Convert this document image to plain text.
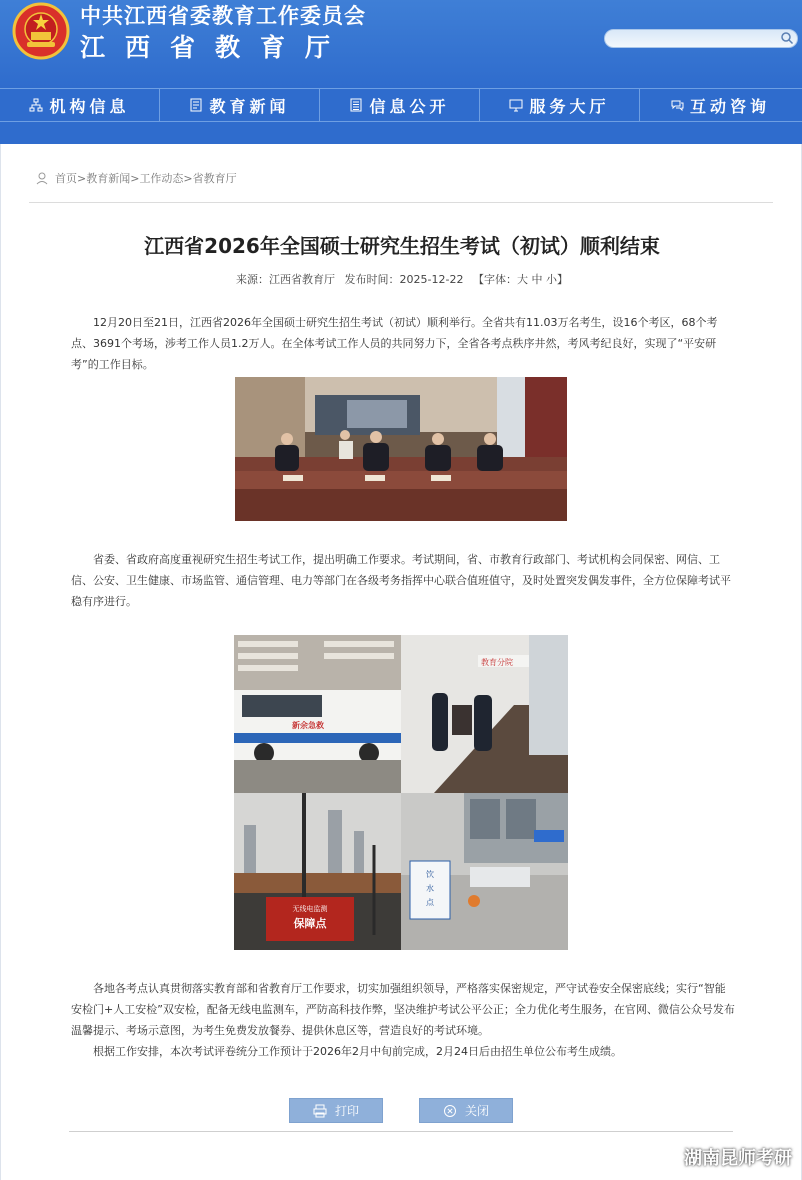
中共江西省委教育工作委员会
江西省教育厅
机构信息	教育新闻	信息公开	服务大厅	互动咨询
首页> 教育新闻> 工作动态> 省教育厅
江西省2026年全国硕士研究生招生考试（初试）顺利结束
来源：江西省教育厅 发布时间：2025-12-22 【字体：大 中 小】
12月20日至21日，江西省2026年全国硕士研究生招生考试（初试）顺利举行。全省共有11.03万名考生，设16个考区，68个考点、3691个考场，涉考工作人员1.2万人。在全体考试工作人员的共同努力下，全省各考点秩序井然，考风考纪良好，实现了“平安研考”的工作目标。
省委、省政府高度重视研究生招生考试工作，提出明确工作要求。考试期间，省、市教育行政部门、考试机构会同保密、网信、工信、公安、卫生健康、市场监管、通信管理、电力等部门在各级考务指挥中心联合值班值守，及时处置突发偶发事件，全方位保障考试平稳有序进行。
新余急救
教育分院
无线电监测
保障点
饮
水
点
各地各考点认真贯彻落实教育部和省教育厅工作要求，切实加强组织领导，严格落实保密规定，严守试卷安全保密底线；实行“智能安检门+人工安检”双安检，配备无线电监测车，严防高科技作弊，坚决维护考试公平公正；全力优化考生服务，在官网、微信公众号发布温馨提示、考场示意图，为考生免费发放餐券、提供休息区等，营造良好的考试环境。
根据工作安排，本次考试评卷统分工作预计于2026年2月中旬前完成，2月24日后由招生单位公布考生成绩。
打印	关闭
湖南昆师考研
